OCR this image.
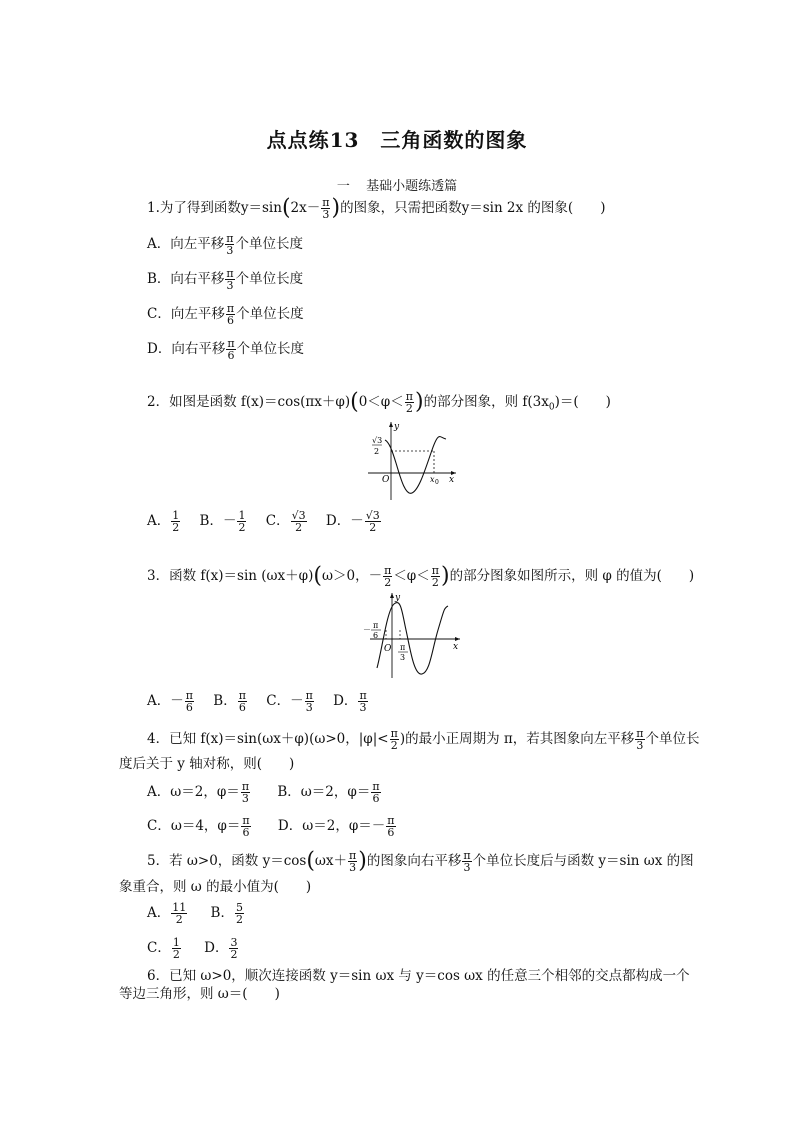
点点练13　三角函数的图象
一 基础小题练透篇
1.为了得到函数$y=\sin(2x- \frac{\pi}{3}$ )的图象，只需把函数y＝sin 2x 的图象(　　)
A．向左平移 $\frac{\pi}{3}$ 个单位长度
B．向右平移 $\frac{\pi}{3}$ 个单位长度
C．向左平移 $\frac{\pi}{6}$ 个单位长度
D．向右平移 $\frac{\pi}{6}$ 个单位长度
2．如图是函数 $f(x)=\cos(\pi x+\varphi)(0<\varphi< \frac{\pi}{2}$ )的部分图象，则 $f(3x_0)=$(　　)
√3
2
y
x
O	x 0
A． $\frac{1}{2}$ B．－ $\frac{1}{2}$ C． $\frac{√3}{2}$ D．－ $\frac{√3}{2}$
3．函数 f(x)＝sin (ωx＋φ)(ω＞0，－ $\frac{\pi}{2} <\varphi< \frac{\pi}{2}$ )的部分图象如图所示，则 φ 的值为(　　)
y
x
O
－ π
6
π
3
A．－ $\frac{\pi}{6}$ B． $\frac{\pi}{6}$ C．－ $\frac{\pi}{3}$ D． $\frac{\pi}{3}$
4．已知 f(x)＝sin(ωx＋φ)(ω>0，$|\varphi|< \frac{\pi}{2}$ )的最小正周期为 π，若其图象向左平移 $\frac{\pi}{3}$ 个单位长
度后关于 y 轴对称，则(　　)
A．ω＝2，$\varphi= \frac{\pi}{3}$ B．ω＝2，$\varphi= \frac{\pi}{6}$
C．ω＝4，$\varphi= \frac{\pi}{6}$ D．ω＝2，$\varphi=- \frac{\pi}{6}$
5．若 ω>0，函数 $y=\cos(\omega x+ \frac{\pi}{3}$ )的图象向右平移 $\frac{\pi}{3}$ 个单位长度后与函数 y＝sin ωx 的图
象重合，则 ω 的最小值为(　　)
A． $\frac{11}{2}$ B． $\frac{5}{2}$
C． $\frac{1}{2}$ D． $\frac{3}{2}$
6．已知 ω>0，顺次连接函数 y＝sin ωx 与 y＝cos ωx 的任意三个相邻的交点都构成一个
等边三角形，则 ω＝(　　)
